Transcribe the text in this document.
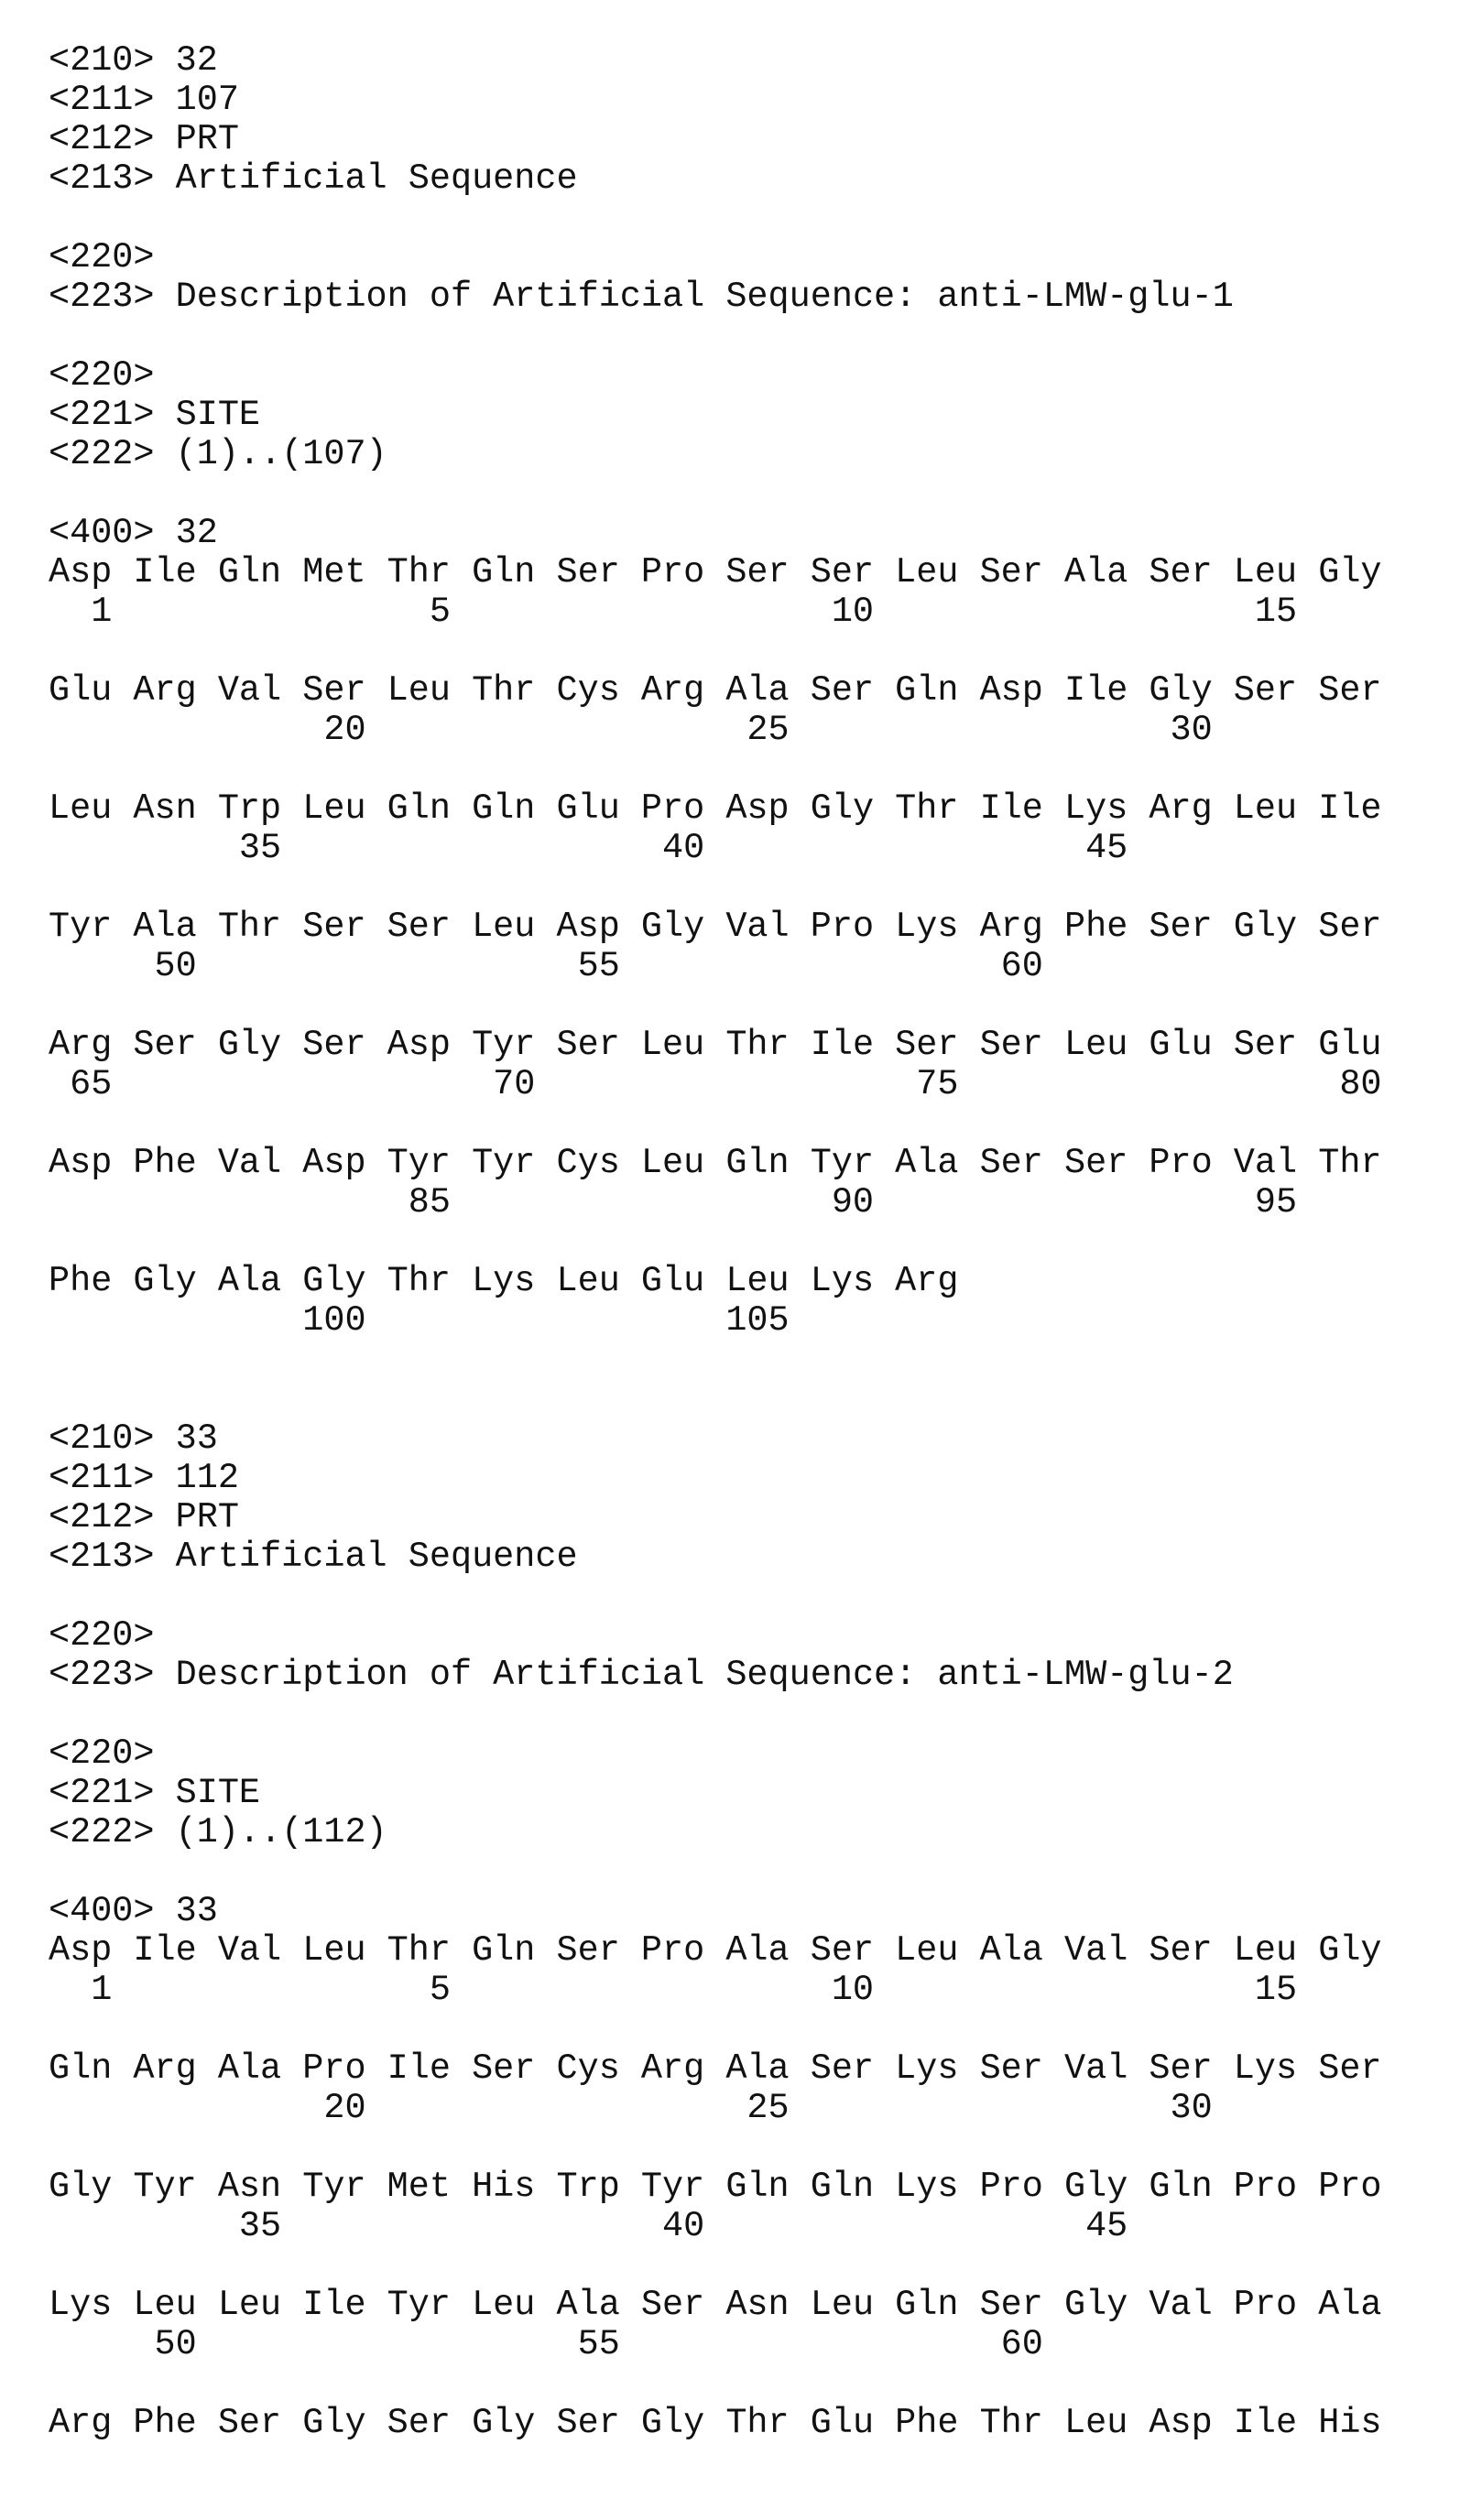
<210> 32
<211> 107
<212> PRT
<213> Artificial Sequence
<220>
<223> Description of Artificial Sequence: anti-LMW-glu-1
<220>
<221> SITE
<222> (1)..(107)
<400> 32
Asp Ile Gln Met Thr Gln Ser Pro Ser Ser Leu Ser Ala Ser Leu Gly
1	5	10	15
Glu Arg Val Ser Leu Thr Cys Arg Ala Ser Gln Asp Ile Gly Ser Ser
20	25	30
Leu Asn Trp Leu Gln Gln Glu Pro Asp Gly Thr Ile Lys Arg Leu Ile
35	40	45
Tyr Ala Thr Ser Ser Leu Asp Gly Val Pro Lys Arg Phe Ser Gly Ser
50	55	60
Arg Ser Gly Ser Asp Tyr Ser Leu Thr Ile Ser Ser Leu Glu Ser Glu
65	70	75	80
Asp Phe Val Asp Tyr Tyr Cys Leu Gln Tyr Ala Ser Ser Pro Val Thr
85	90	95
Phe Gly Ala Gly Thr Lys Leu Glu Leu Lys Arg
100	105
<210> 33
<211> 112
<212> PRT
<213> Artificial Sequence
<220>
<223> Description of Artificial Sequence: anti-LMW-glu-2
<220>
<221> SITE
<222> (1)..(112)
<400> 33
Asp Ile Val Leu Thr Gln Ser Pro Ala Ser Leu Ala Val Ser Leu Gly
1	5	10	15
Gln Arg Ala Pro Ile Ser Cys Arg Ala Ser Lys Ser Val Ser Lys Ser
20	25	30
Gly Tyr Asn Tyr Met His Trp Tyr Gln Gln Lys Pro Gly Gln Pro Pro
35	40	45
Lys Leu Leu Ile Tyr Leu Ala Ser Asn Leu Gln Ser Gly Val Pro Ala
50	55	60
Arg Phe Ser Gly Ser Gly Ser Gly Thr Glu Phe Thr Leu Asp Ile His
